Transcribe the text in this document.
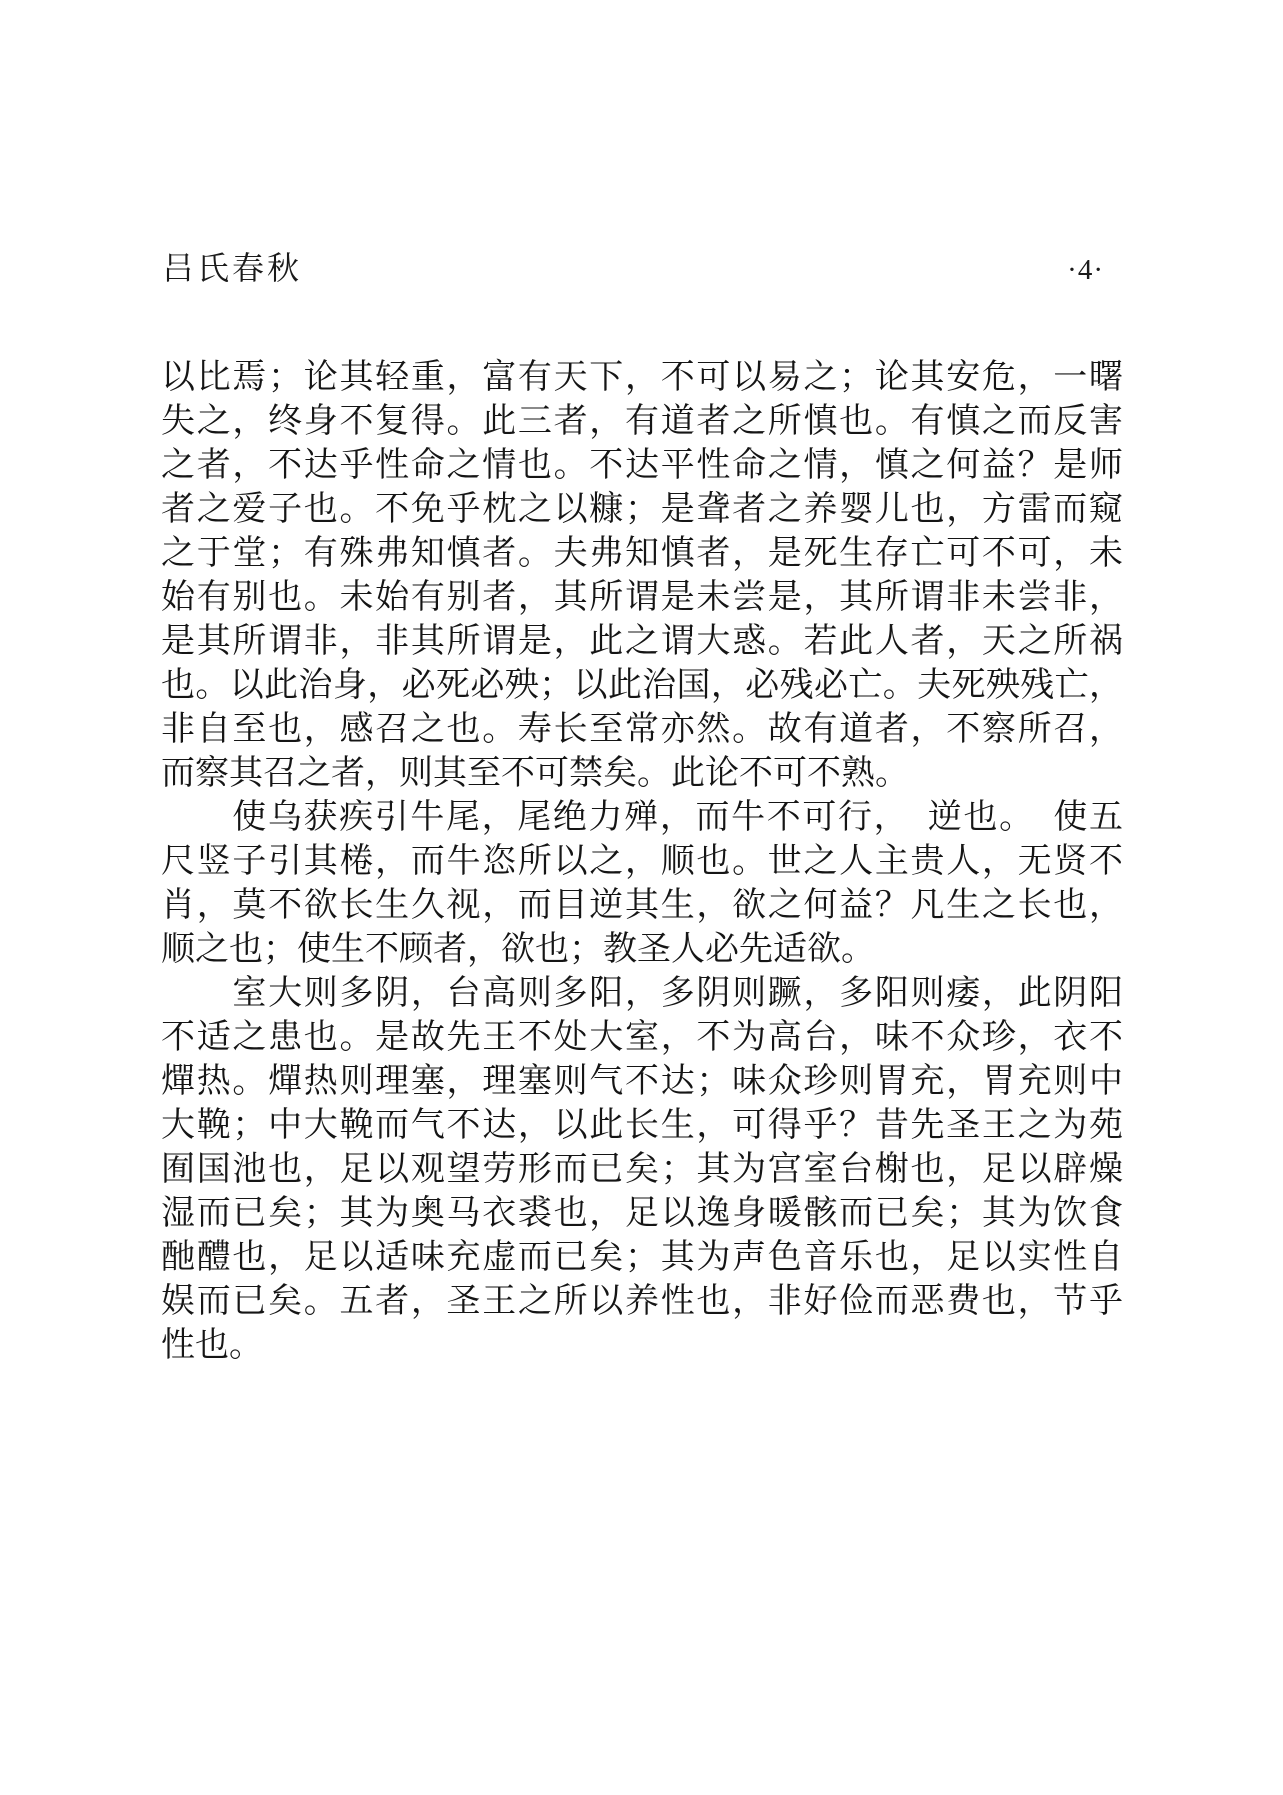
吕氏春秋	·4·
以比焉；论其轻重，富有天下，不可以易之；论其安危，一曙
失之，终身不复得。此三者，有道者之所慎也。有慎之而反害
之者，不达乎性命之情也。不达平性命之情，慎之何益？是师
者之爱子也。不免乎枕之以糠；是聋者之养婴儿也，方雷而窥
之于堂；有殊弗知慎者。夫弗知慎者，是死生存亡可不可，未
始有别也。未始有别者，其所谓是未尝是，其所谓非未尝非，
是其所谓非，非其所谓是，此之谓大惑。若此人者，天之所祸
也。以此治身，必死必殃；以此治国，必残必亡。夫死殃残亡，
非自至也，感召之也。寿长至常亦然。故有道者，不察所召，
而察其召之者，则其至不可禁矣。此论不可不熟。
　　使乌获疾引牛尾，尾绝力殚，而牛不可行，　逆也。　使五
尺竖子引其棬，而牛恣所以之，顺也。世之人主贵人，无贤不
肖，莫不欲长生久视，而目逆其生，欲之何益？凡生之长也，
顺之也；使生不顾者，欲也；教圣人必先适欲。
　　室大则多阴，台高则多阳，多阴则蹶，多阳则痿，此阴阳
不适之患也。是故先王不处大室，不为高台，味不众珍，衣不
燀热。燀热则理塞，理塞则气不达；味众珍则胃充，胃充则中
大鞔；中大鞔而气不达，以此长生，可得乎？昔先圣王之为苑
囿国池也，足以观望劳形而已矣；其为宫室台榭也，足以辟燥
湿而已矣；其为奥马衣裘也，足以逸身暖骸而已矣；其为饮食
酏醴也，足以适味充虚而已矣；其为声色音乐也，足以实性自
娱而已矣。五者，圣王之所以养性也，非好俭而恶费也，节乎
性也。
